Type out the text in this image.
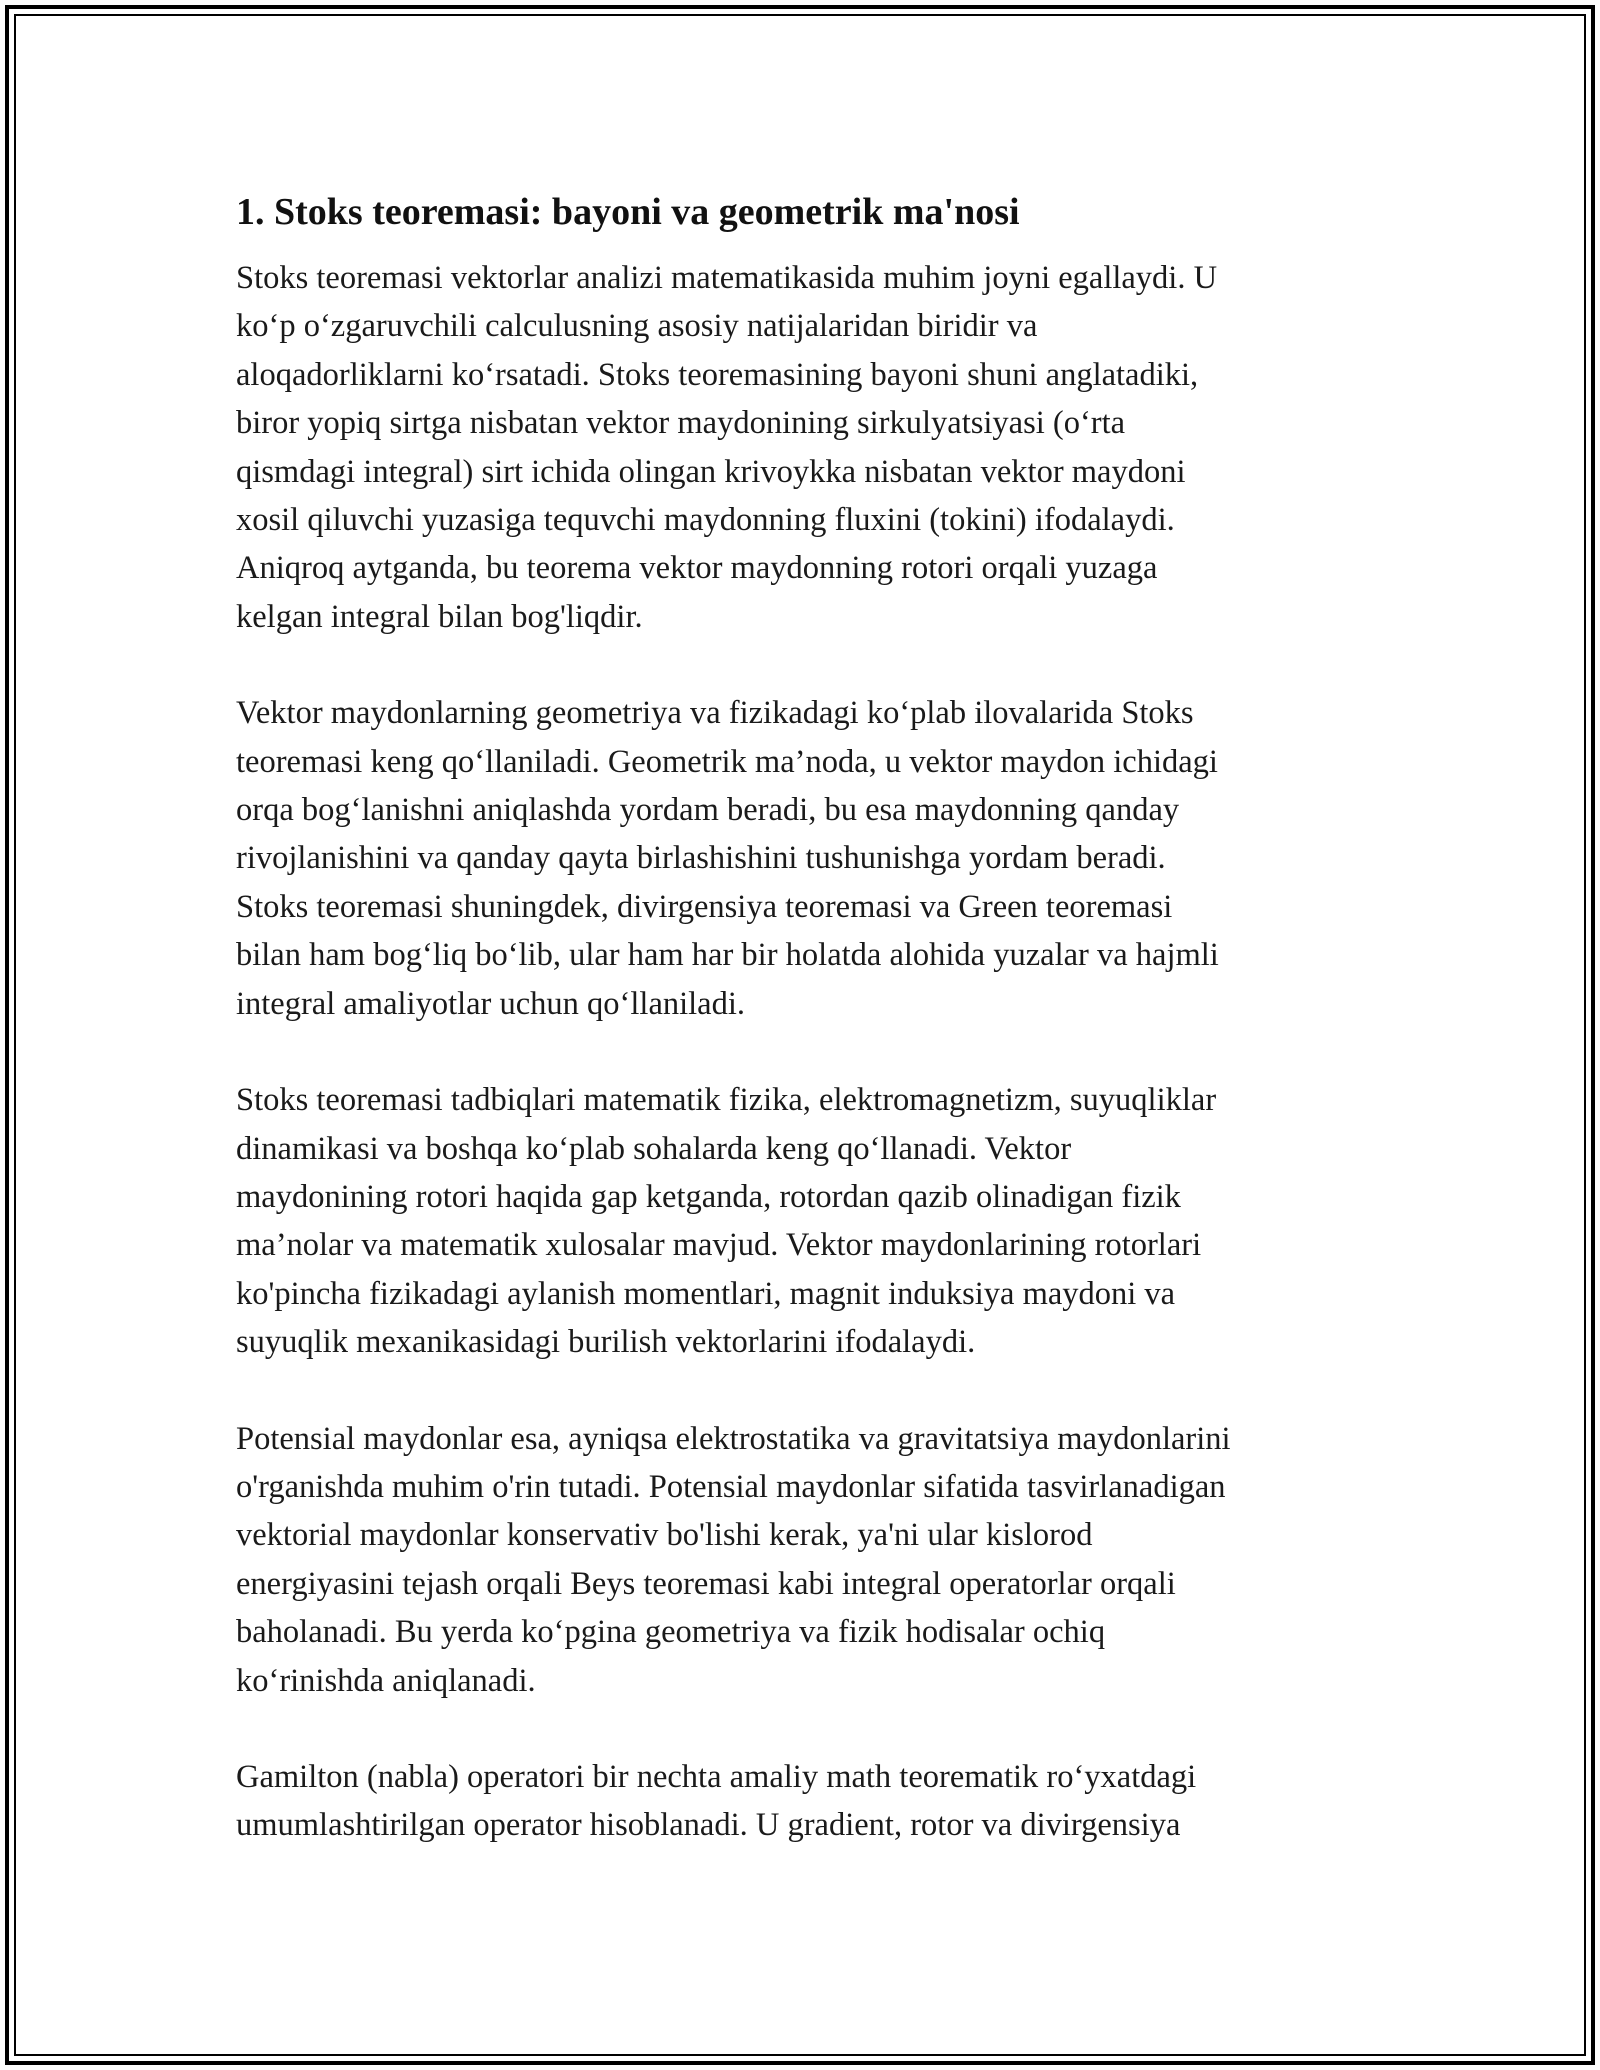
1. Stoks teoremasi: bayoni va geometrik ma'nosi
Stoks teoremasi vektorlar analizi matematikasida muhim joyni egallaydi. U
ko‘p o‘zgaruvchili calculusning asosiy natijalaridan biridir va
aloqadorliklarni ko‘rsatadi. Stoks teoremasining bayoni shuni anglatadiki,
biror yopiq sirtga nisbatan vektor maydonining sirkulyatsiyasi (o‘rta
qismdagi integral) sirt ichida olingan krivoykka nisbatan vektor maydoni
xosil qiluvchi yuzasiga tequvchi maydonning fluxini (tokini) ifodalaydi.
Aniqroq aytganda, bu teorema vektor maydonning rotori orqali yuzaga
kelgan integral bilan bog'liqdir.
Vektor maydonlarning geometriya va fizikadagi ko‘plab ilovalarida Stoks
teoremasi keng qo‘llaniladi. Geometrik ma’noda, u vektor maydon ichidagi
orqa bog‘lanishni aniqlashda yordam beradi, bu esa maydonning qanday
rivojlanishini va qanday qayta birlashishini tushunishga yordam beradi.
Stoks teoremasi shuningdek, divirgensiya teoremasi va Green teoremasi
bilan ham bog‘liq bo‘lib, ular ham har bir holatda alohida yuzalar va hajmli
integral amaliyotlar uchun qo‘llaniladi.
Stoks teoremasi tadbiqlari matematik fizika, elektromagnetizm, suyuqliklar
dinamikasi va boshqa ko‘plab sohalarda keng qo‘llanadi. Vektor
maydonining rotori haqida gap ketganda, rotordan qazib olinadigan fizik
ma’nolar va matematik xulosalar mavjud. Vektor maydonlarining rotorlari
ko'pincha fizikadagi aylanish momentlari, magnit induksiya maydoni va
suyuqlik mexanikasidagi burilish vektorlarini ifodalaydi.
Potensial maydonlar esa, ayniqsa elektrostatika va gravitatsiya maydonlarini
o'rganishda muhim o'rin tutadi. Potensial maydonlar sifatida tasvirlanadigan
vektorial maydonlar konservativ bo'lishi kerak, ya'ni ular kislorod
energiyasini tejash orqali Beys teoremasi kabi integral operatorlar orqali
baholanadi. Bu yerda ko‘pgina geometriya va fizik hodisalar ochiq
ko‘rinishda aniqlanadi.
Gamilton (nabla) operatori bir nechta amaliy math teorematik ro‘yxatdagi
umumlashtirilgan operator hisoblanadi. U gradient, rotor va divirgensiya
